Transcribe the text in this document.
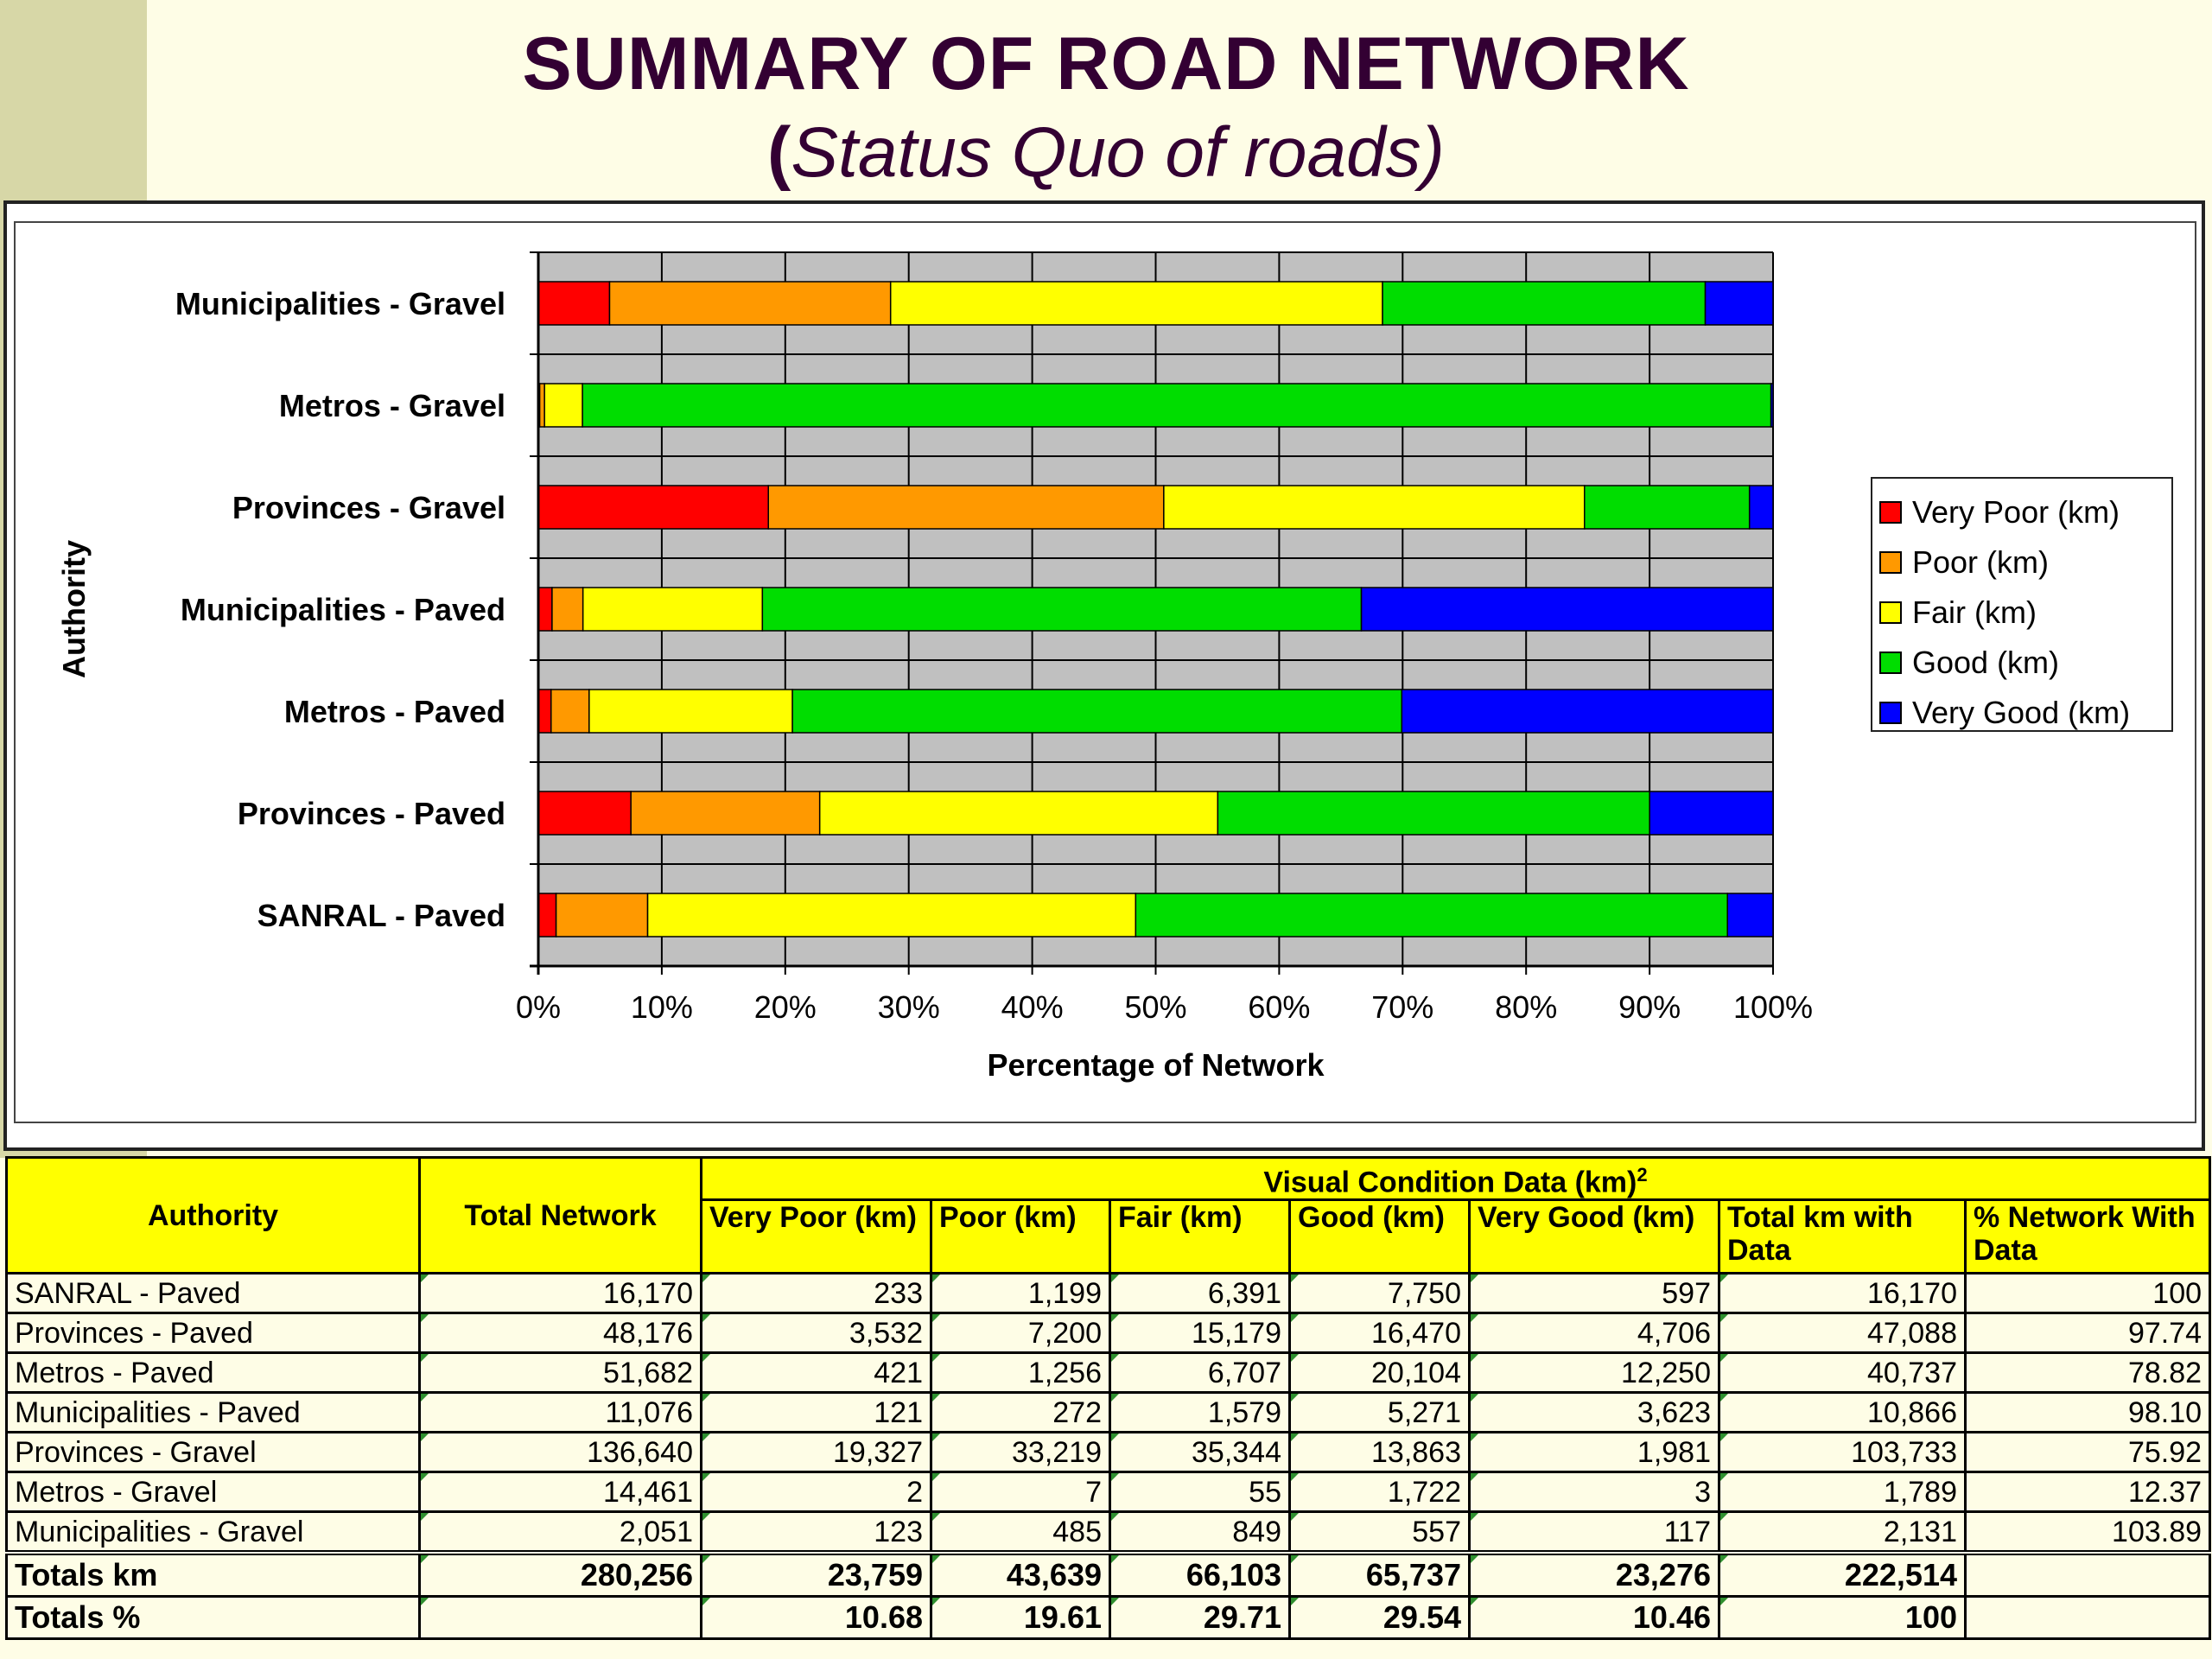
SUMMARY OF ROAD NETWORK
(Status Quo of roads)
0% 10% 20% 30% 40% 50% 60% 70% 80% 90% 100%
Municipalities - Gravel
Metros - Gravel
Provinces - Gravel
Municipalities - Paved
Metros - Paved
Provinces - Paved
SANRAL - Paved
Percentage of Network
Authority
Very Poor (km)
Poor (km)
Fair (km)
Good (km)
Very Good (km)
Authority	Total Network	Visual Condition Data (km)$^2$
		Very Poor (km)	Poor (km)	Fair (km)	Good (km)	Very Good (km)	Total km with Data	% Network With Data
SANRAL - Paved	16,170	233	1,199	6,391	7,750	597	16,170	100
Provinces - Paved	48,176	3,532	7,200	15,179	16,470	4,706	47,088	97.74
Metros - Paved	51,682	421	1,256	6,707	20,104	12,250	40,737	78.82
Municipalities - Paved	11,076	121	272	1,579	5,271	3,623	10,866	98.10
Provinces - Gravel	136,640	19,327	33,219	35,344	13,863	1,981	103,733	75.92
Metros - Gravel	14,461	2	7	55	1,722	3	1,789	12.37
Municipalities - Gravel	2,051	123	485	849	557	117	2,131	103.89
Totals km	280,256	23,759	43,639	66,103	65,737	23,276	222,514	
Totals %		10.68	19.61	29.71	29.54	10.46	100	
